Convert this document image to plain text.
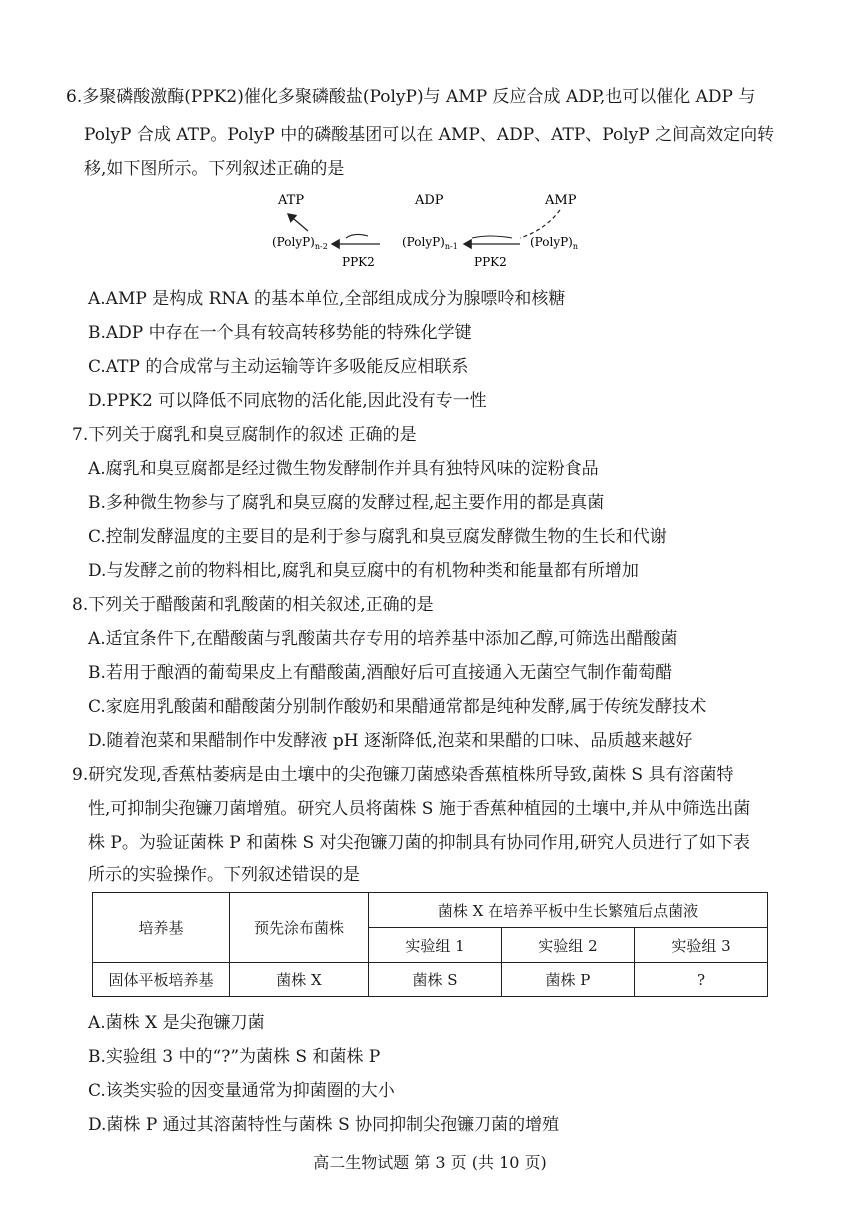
6.多聚磷酸激酶(PPK2)催化多聚磷酸盐(PolyP)与 AMP 反应合成 ADP,也可以催化 ADP 与
PolyP 合成 ATP。PolyP 中的磷酸基团可以在 AMP、ADP、ATP、PolyP 之间高效定向转
移,如下图所示。下列叙述正确的是
ATP	ADP	AMP
$(PolyP)_{n-2}$	$(PolyP)_{n-1}$	$(PolyP)_n$
PPK2	PPK2
A.AMP 是构成 RNA 的基本单位,全部组成成分为腺嘌呤和核糖
B.ADP 中存在一个具有较高转移势能的特殊化学键
C.ATP 的合成常与主动运输等许多吸能反应相联系
D.PPK2 可以降低不同底物的活化能,因此没有专一性
7.下列关于腐乳和臭豆腐制作的叙述 正确的是
A.腐乳和臭豆腐都是经过微生物发酵制作并具有独特风味的淀粉食品
B.多种微生物参与了腐乳和臭豆腐的发酵过程,起主要作用的都是真菌
C.控制发酵温度的主要目的是利于参与腐乳和臭豆腐发酵微生物的生长和代谢
D.与发酵之前的物料相比,腐乳和臭豆腐中的有机物种类和能量都有所增加
8.下列关于醋酸菌和乳酸菌的相关叙述,正确的是
A.适宜条件下,在醋酸菌与乳酸菌共存专用的培养基中添加乙醇,可筛选出醋酸菌
B.若用于酿酒的葡萄果皮上有醋酸菌,酒酿好后可直接通入无菌空气制作葡萄醋
C.家庭用乳酸菌和醋酸菌分别制作酸奶和果醋通常都是纯种发酵,属于传统发酵技术
D.随着泡菜和果醋制作中发酵液 pH 逐渐降低,泡菜和果醋的口味、品质越来越好
9.研究发现,香蕉枯萎病是由土壤中的尖孢镰刀菌感染香蕉植株所导致,菌株 S 具有溶菌特
性,可抑制尖孢镰刀菌增殖。研究人员将菌株 S 施于香蕉种植园的土壤中,并从中筛选出菌
株 P。为验证菌株 P 和菌株 S 对尖孢镰刀菌的抑制具有协同作用,研究人员进行了如下表
所示的实验操作。下列叙述错误的是
培养基	预先涂布菌株	菌株 X 在培养平板中生长繁殖后点菌液		
		实验组 1	实验组 2	实验组 3
固体平板培养基	菌株 X	菌株 S	菌株 P	?
A.菌株 X 是尖孢镰刀菌
B.实验组 3 中的“?”为菌株 S 和菌株 P
C.该类实验的因变量通常为抑菌圈的大小
D.菌株 P 通过其溶菌特性与菌株 S 协同抑制尖孢镰刀菌的增殖
高二生物试题 第 3 页 (共 10 页)
